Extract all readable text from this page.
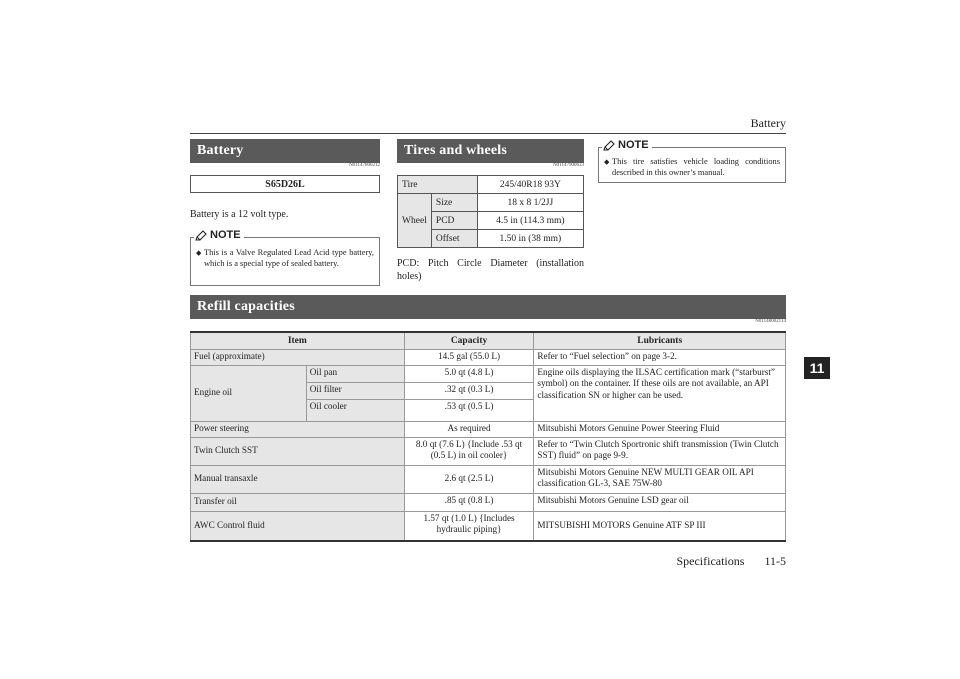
Battery
11
Battery
N01147800212
S65D26L
Battery is a 12 volt type.
NOTE
◆ This is a Valve Regulated Lead Acid type battery, which is a special type of sealed battery.
Tires and wheels
N01147900633
Tire		245/40R18 93Y
Wheel	Size	18 x 8 1/2JJ
	PCD	4.5 in (114.3 mm)
	Offset	1.50 in (38 mm)
PCD: Pitch Circle Diameter (installation holes)
NOTE
◆ This tire satisfies vehicle loading conditions described in this owner’s manual.
Refill capacities
N01148002114
Item		Capacity	Lubricants
Fuel (approximate)		14.5 gal (55.0 L)	Refer to “Fuel selection” on page 3-2.
Engine oil	Oil pan	5.0 qt (4.8 L)	Engine oils displaying the ILSAC certification mark (“starburst” symbol) on the container. If these oils are not available, an API classification SN or higher can be used.
	Oil filter	.32 qt (0.3 L)	
	Oil cooler	.53 qt (0.5 L)	
Power steering		As required	Mitsubishi Motors Genuine Power Steering Fluid
Twin Clutch SST		8.0 qt (7.6 L) {Include .53 qt (0.5 L) in oil cooler}	Refer to “Twin Clutch Sportronic shift transmission (Twin Clutch SST) fluid” on page 9-9.
Manual transaxle		2.6 qt (2.5 L)	Mitsubishi Motors Genuine NEW MULTI GEAR OIL API classification GL-3, SAE 75W-80
Transfer oil		.85 qt (0.8 L)	Mitsubishi Motors Genuine LSD gear oil
AWC Control fluid		1.57 qt (1.0 L) {Includes hydraulic piping}	MITSUBISHI MOTORS Genuine ATF SP III
Specifications 11-5
